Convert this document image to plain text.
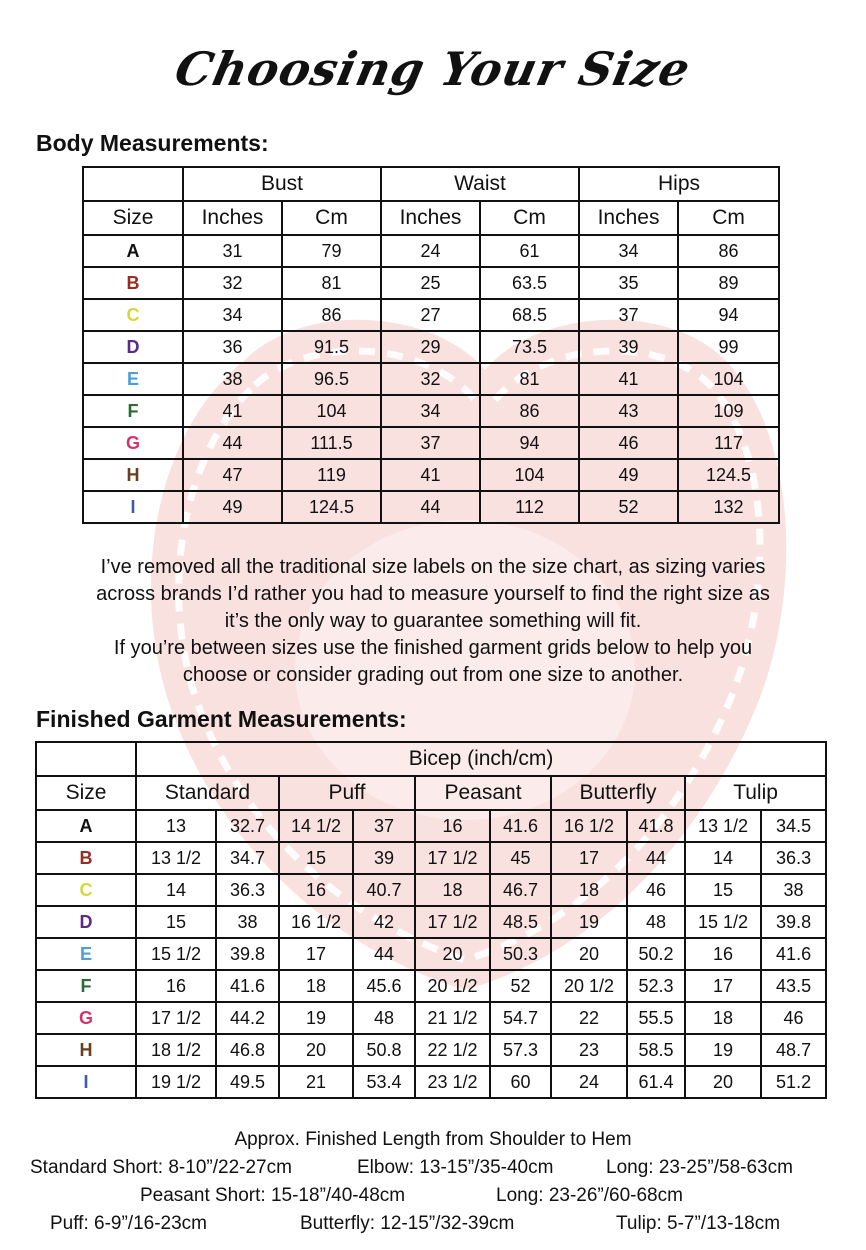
Choosing Your Size
Body Measurements:
	Bust		Waist		Hips	
Size	Inches	Cm	Inches	Cm	Inches	Cm
A	31	79	24	61	34	86
B	32	81	25	63.5	35	89
C	34	86	27	68.5	37	94
D	36	91.5	29	73.5	39	99
E	38	96.5	32	81	41	104
F	41	104	34	86	43	109
G	44	111.5	37	94	46	117
H	47	119	41	104	49	124.5
I	49	124.5	44	112	52	132
I’ve removed all the traditional size labels on the size chart, as sizing varies
across brands I’d rather you had to measure yourself to find the right size as
it’s the only way to guarantee something will fit.
If you’re between sizes use the finished garment grids below to help you
choose or consider grading out from one size to another.
Finished Garment Measurements:
	Bicep (inch/cm)									
Size	Standard		Puff		Peasant		Butterfly		Tulip	
A	13	32.7	14 1/2	37	16	41.6	16 1/2	41.8	13 1/2	34.5
B	13 1/2	34.7	15	39	17 1/2	45	17	44	14	36.3
C	14	36.3	16	40.7	18	46.7	18	46	15	38
D	15	38	16 1/2	42	17 1/2	48.5	19	48	15 1/2	39.8
E	15 1/2	39.8	17	44	20	50.3	20	50.2	16	41.6
F	16	41.6	18	45.6	20 1/2	52	20 1/2	52.3	17	43.5
G	17 1/2	44.2	19	48	21 1/2	54.7	22	55.5	18	46
H	18 1/2	46.8	20	50.8	22 1/2	57.3	23	58.5	19	48.7
I	19 1/2	49.5	21	53.4	23 1/2	60	24	61.4	20	51.2
Approx. Finished Length from Shoulder to Hem
Standard Short: 8-10”/22-27cm	Elbow: 13-15”/35-40cm	Long: 23-25”/58-63cm
Peasant Short: 15-18”/40-48cm	Long: 23-26”/60-68cm
Puff: 6-9”/16-23cm	Butterfly: 12-15”/32-39cm	Tulip: 5-7”/13-18cm
